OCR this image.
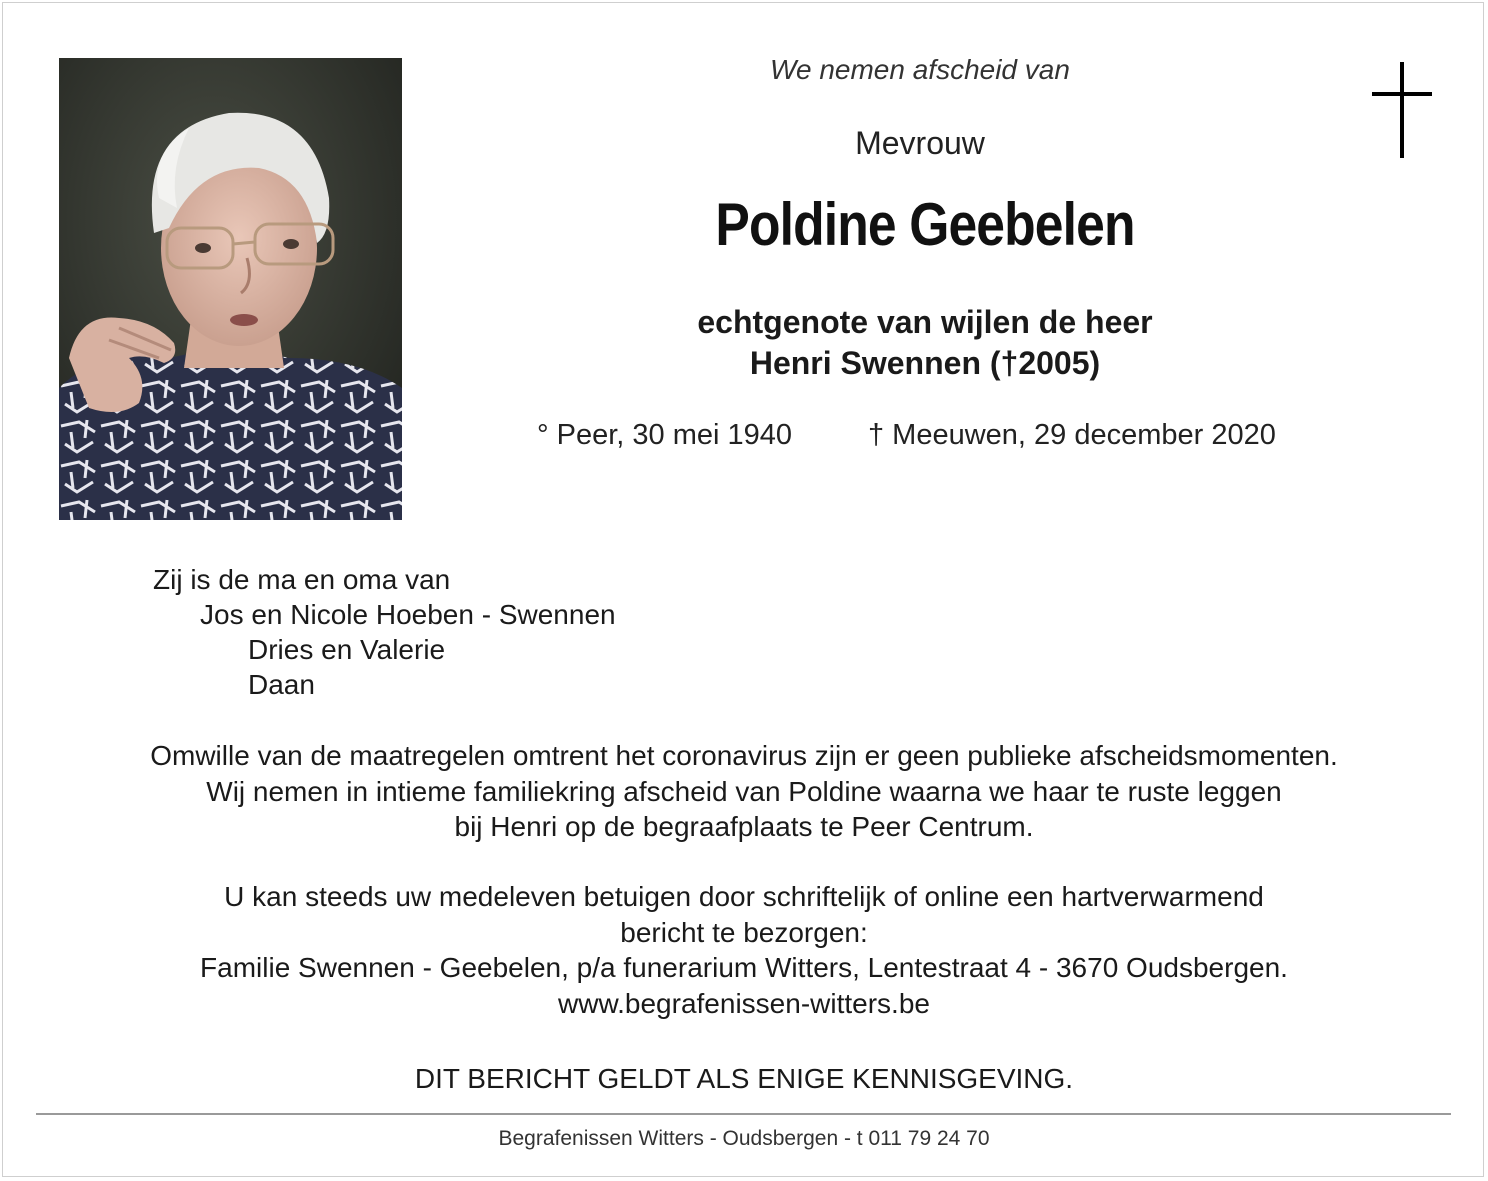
We nemen afscheid van
Mevrouw
Poldine Geebelen
echtgenote van wijlen de heer
Henri Swennen (†2005)
° Peer, 30 mei 1940	† Meeuwen, 29 december 2020
Zij is de ma en oma van
Jos en Nicole Hoeben - Swennen
Dries en Valerie
Daan
Omwille van de maatregelen omtrent het coronavirus zijn er geen publieke afscheidsmomenten.
Wij nemen in intieme familiekring afscheid van Poldine waarna we haar te ruste leggen
bij Henri op de begraafplaats te Peer Centrum.
U kan steeds uw medeleven betuigen door schriftelijk of online een hartverwarmend
bericht te bezorgen:
Familie Swennen - Geebelen, p/a funerarium Witters, Lentestraat 4 - 3670 Oudsbergen.
www.begrafenissen-witters.be
DIT BERICHT GELDT ALS ENIGE KENNISGEVING.
Begrafenissen Witters - Oudsbergen - t 011 79 24 70
